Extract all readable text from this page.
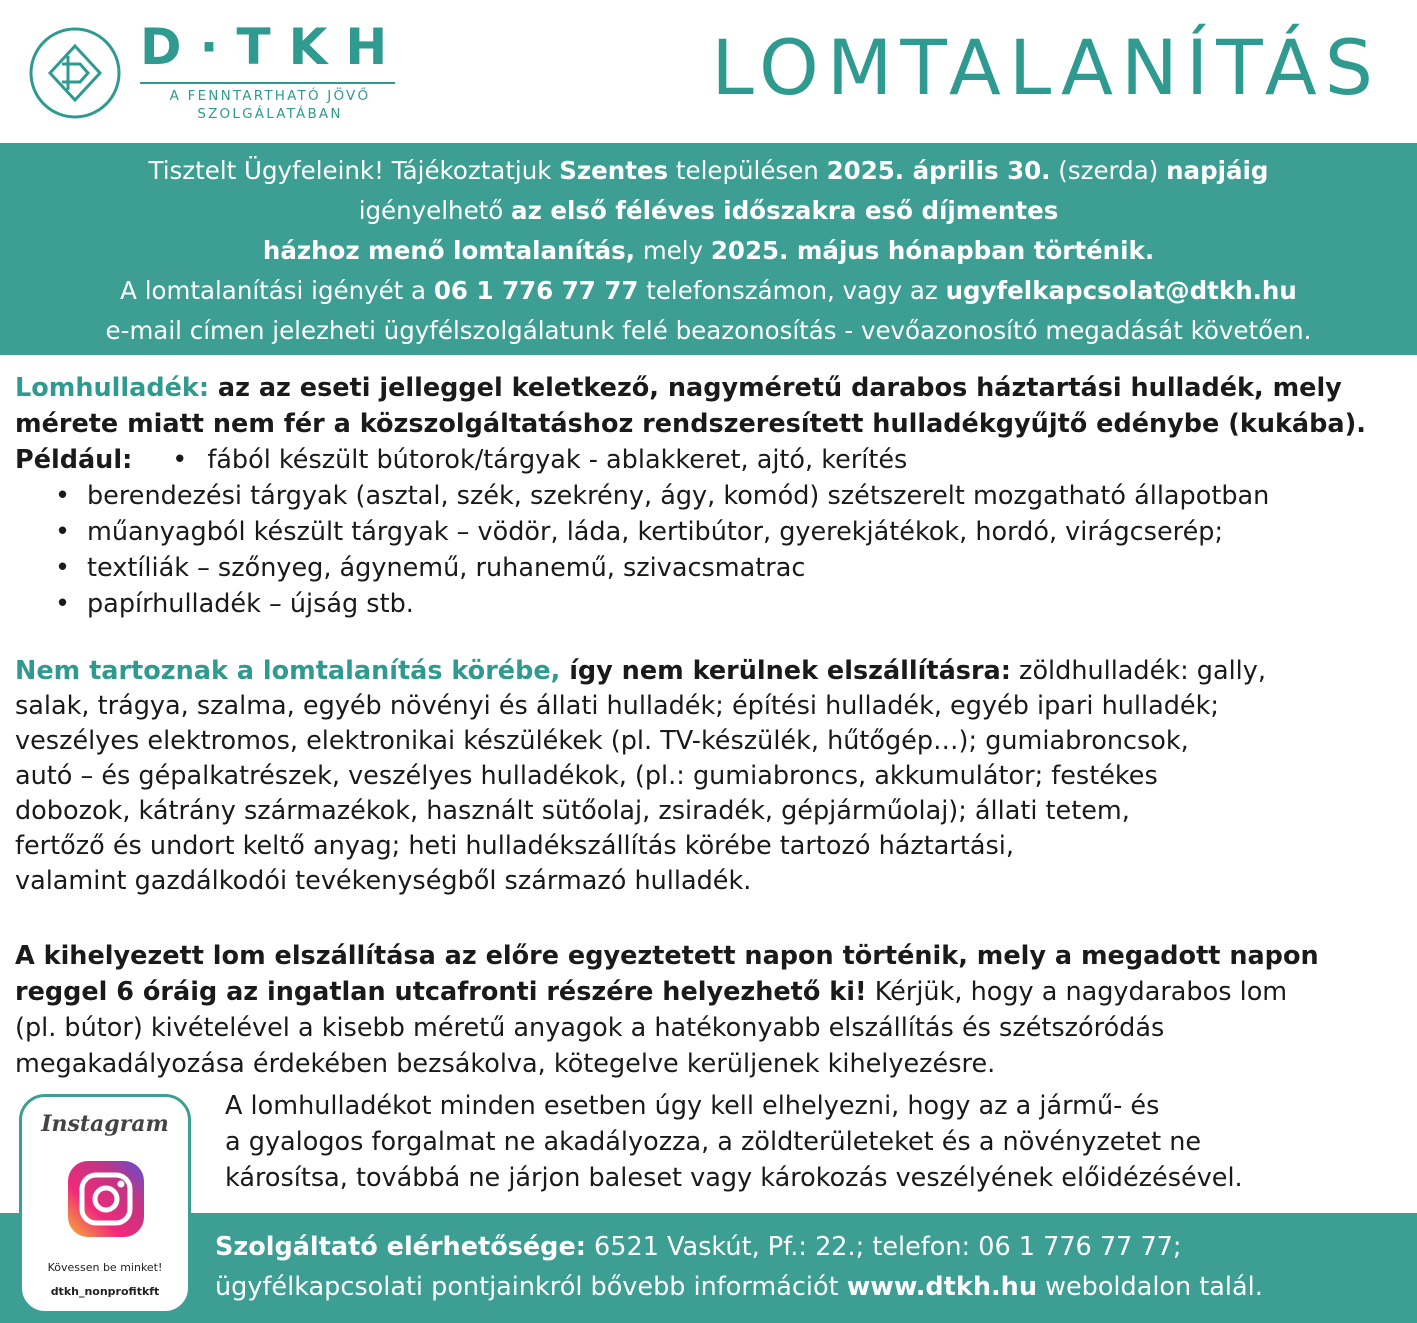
D·TKH
A FENNTARTHATÓ JÖVŐ
SZOLGÁLATÁBAN
LOMTALANÍTÁS
Tisztelt Ügyfeleink! Tájékoztatjuk Szentes településen 2025. április 30. (szerda) napjáig
igényelhető az első féléves időszakra eső díjmentes
házhoz menő lomtalanítás, mely 2025. május hónapban történik.
A lomtalanítási igényét a 06 1 776 77 77 telefonszámon, vagy az ugyfelkapcsolat@dtkh.hu
e-mail címen jelezheti ügyfélszolgálatunk felé beazonosítás - vevőazonosító megadását követően.
Lomhulladék: az az eseti jelleggel keletkező, nagyméretű darabos háztartási hulladék, mely
mérete miatt nem fér a közszolgáltatáshoz rendszeresített hulladékgyűjtő edénybe (kukába).
Például: • fából készült bútorok/tárgyak - ablakkeret, ajtó, kerítés
• berendezési tárgyak (asztal, szék, szekrény, ágy, komód) szétszerelt mozgatható állapotban
• műanyagból készült tárgyak – vödör, láda, kertibútor, gyerekjátékok, hordó, virágcserép;
• textíliák – szőnyeg, ágynemű, ruhanemű, szivacsmatrac
• papírhulladék – újság stb.
Nem tartoznak a lomtalanítás körébe, így nem kerülnek elszállításra: zöldhulladék: gally,
salak, trágya, szalma, egyéb növényi és állati hulladék; építési hulladék, egyéb ipari hulladék;
veszélyes elektromos, elektronikai készülékek (pl. TV-készülék, hűtőgép…); gumiabroncsok,
autó – és gépalkatrészek, veszélyes hulladékok, (pl.: gumiabroncs, akkumulátor; festékes
dobozok, kátrány származékok, használt sütőolaj, zsiradék, gépjárműolaj); állati tetem,
fertőző és undort keltő anyag; heti hulladékszállítás körébe tartozó háztartási,
valamint gazdálkodói tevékenységből származó hulladék.
A kihelyezett lom elszállítása az előre egyeztetett napon történik, mely a megadott napon
reggel 6 óráig az ingatlan utcafronti részére helyezhető ki! Kérjük, hogy a nagydarabos lom
(pl. bútor) kivételével a kisebb méretű anyagok a hatékonyabb elszállítás és szétszóródás
megakadályozása érdekében bezsákolva, kötegelve kerüljenek kihelyezésre.
A lomhulladékot minden esetben úgy kell elhelyezni, hogy az a jármű- és
a gyalogos forgalmat ne akadályozza, a zöldterületeket és a növényzetet ne
károsítsa, továbbá ne járjon baleset vagy károkozás veszélyének előidézésével.
Szolgáltató elérhetősége: 6521 Vaskút, Pf.: 22.; telefon: 06 1 776 77 77;
ügyfélkapcsolati pontjainkról bővebb információt www.dtkh.hu weboldalon talál.
Instagram
Kövessen be minket!
dtkh_nonprofitkft
